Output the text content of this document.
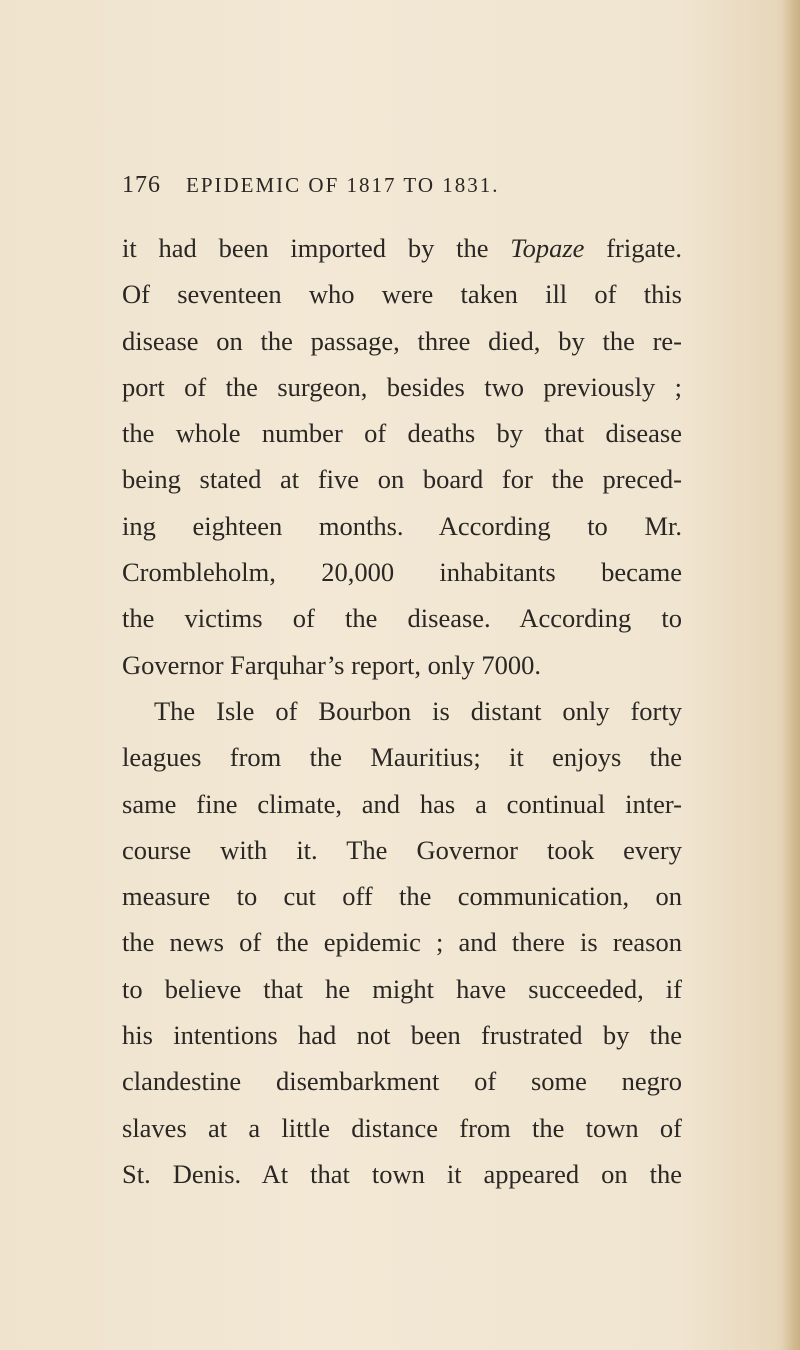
176 EPIDEMIC OF 1817 TO 1831.
it had been imported by the Topaze frigate.
Of seventeen who were taken ill of this
disease on the passage, three died, by the re-
port of the surgeon, besides two previously ;
the whole number of deaths by that disease
being stated at five on board for the preced-
ing eighteen months. According to Mr.
Crombleholm, 20,000 inhabitants became
the victims of the disease. According to
Governor Farquhar’s report, only 7000.
The Isle of Bourbon is distant only forty
leagues from the Mauritius; it enjoys the
same fine climate, and has a continual inter-
course with it. The Governor took every
measure to cut off the communication, on
the news of the epidemic ; and there is reason
to believe that he might have succeeded, if
his intentions had not been frustrated by the
clandestine disembarkment of some negro
slaves at a little distance from the town of
St. Denis. At that town it appeared on the
